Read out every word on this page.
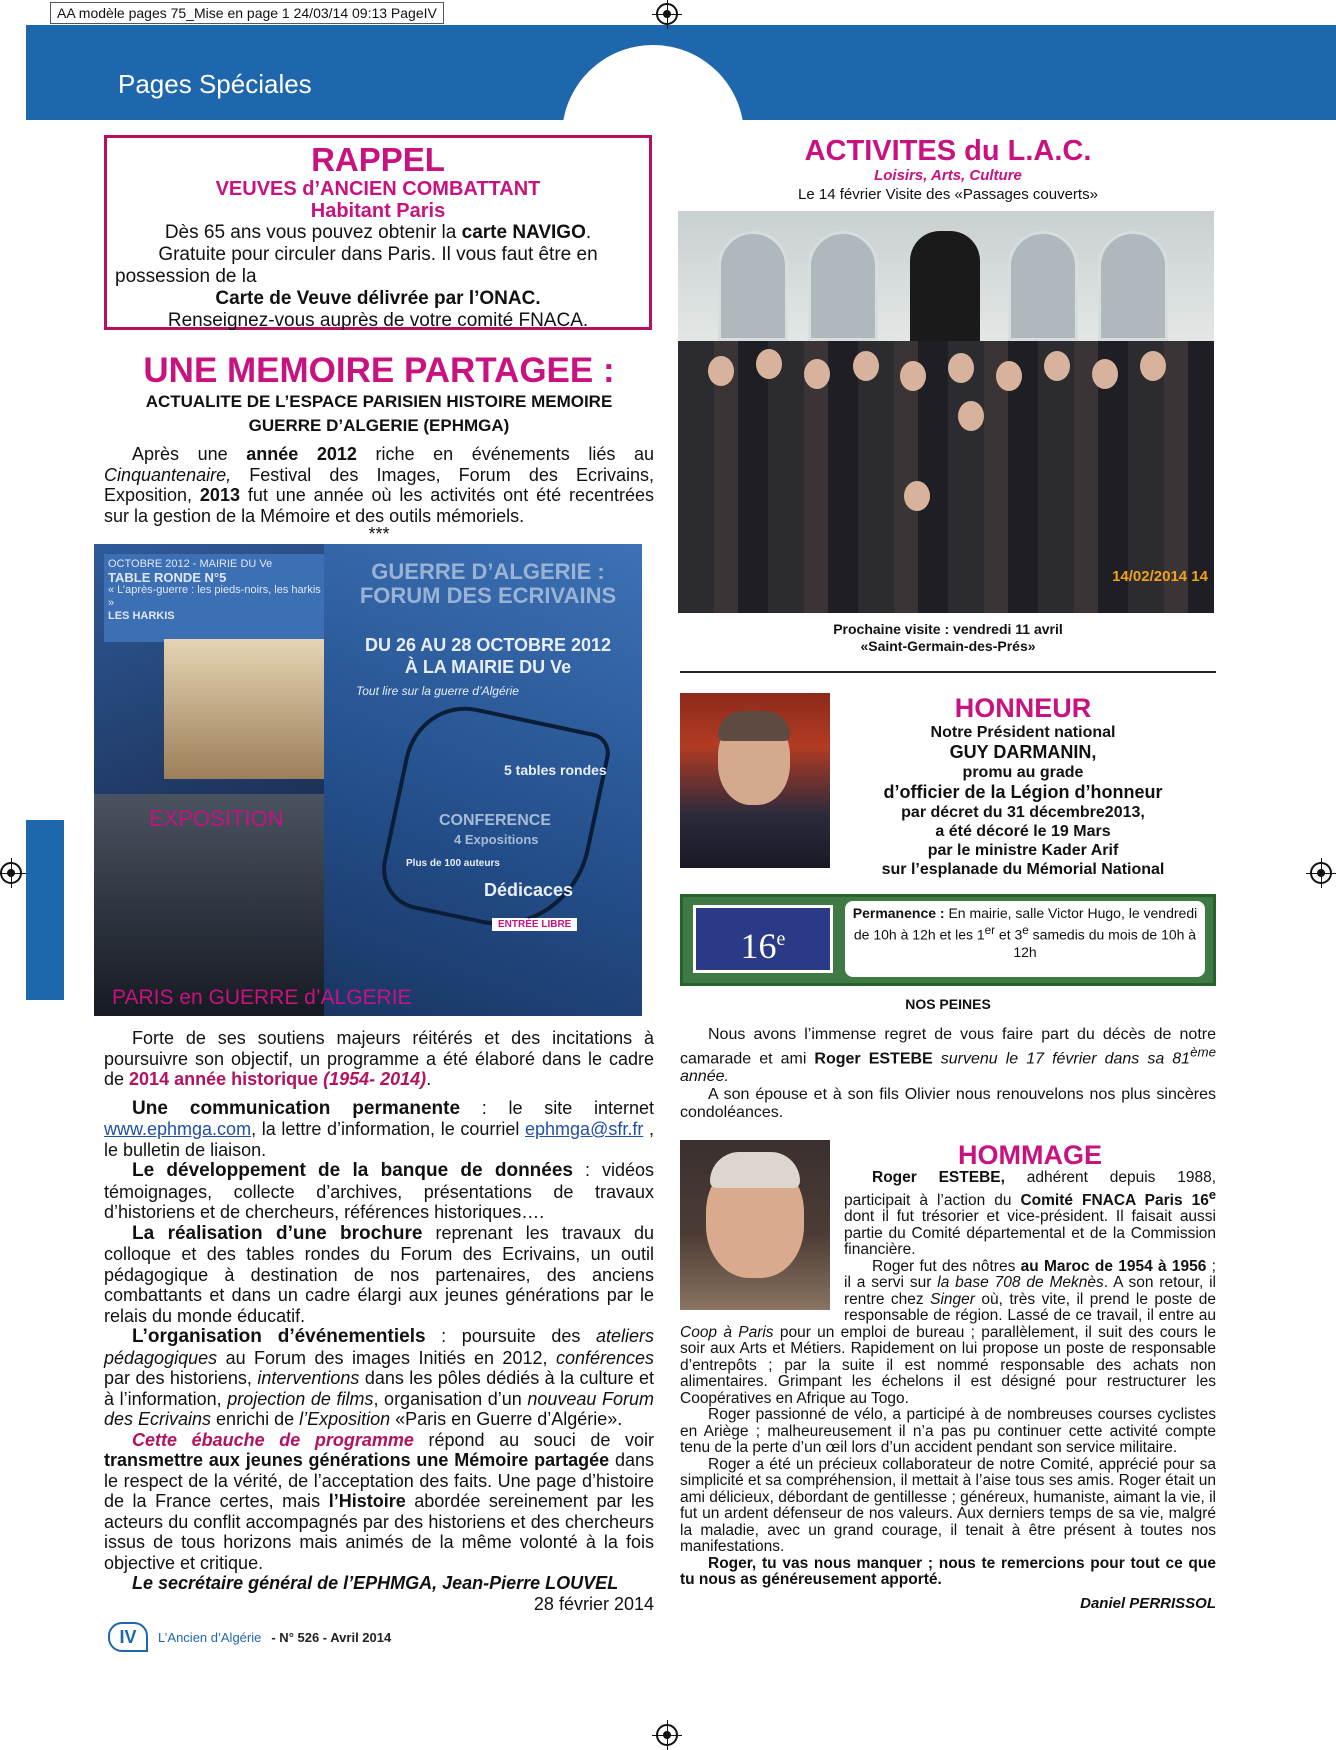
AA modèle pages 75_Mise en page 1 24/03/14 09:13 PageIV
Pages Spéciales
RAPPEL
VEUVES d’ANCIEN COMBATTANT
Habitant Paris
Dès 65 ans vous pouvez obtenir la carte NAVIGO.
Gratuite pour circuler dans Paris. Il vous faut être en
possession de la
Carte de Veuve délivrée par l’ONAC.
Renseignez-vous auprès de votre comité FNACA.
UNE MEMOIRE PARTAGEE :
ACTUALITE DE L’ESPACE PARISIEN HISTOIRE MEMOIRE
GUERRE D’ALGERIE (EPHMGA)

Après une année 2012 riche en événements liés au Cinquantenaire, Festival des Images, Forum des Ecrivains, Exposition, 2013 fut une année où les activités ont été recentrées sur la gestion de la Mémoire et des outils mémoriels.

***
OCTOBRE 2012 - MAIRIE DU Ve
TABLE RONDE N°5
« L’après-guerre : les pieds-noirs, les harkis »
LES HARKIS
GUERRE D’ALGERIE : FORUM DES ECRIVAINS
DU 26 AU 28 OCTOBRE 2012
À LA MAIRIE DU Ve
Tout lire sur la guerre d’Algérie
5 tables rondes
CONFERENCE
4 Expositions
Plus de 100 auteurs
Dédicaces
ENTRÉE LIBRE
EXPOSITION
PARIS en GUERRE d’ALGERIE

Forte de ses soutiens majeurs réitérés et des incitations à poursuivre son objectif, un programme a été élaboré dans le cadre de 2014 année historique (1954- 2014).

Une communication permanente : le site internet www.ephmga.com, la lettre d’information, le courriel ephmga@sfr.fr , le bulletin de liaison.

Le développement de la banque de données : vidéos témoignages, collecte d’archives, présentations de travaux d’historiens et de chercheurs, références historiques….

La réalisation d’une brochure reprenant les travaux du colloque et des tables rondes du Forum des Ecrivains, un outil pédagogique à destination de nos partenaires, des anciens combattants et dans un cadre élargi aux jeunes générations par le relais du monde éducatif.

L’organisation d’événementiels : poursuite des ateliers pédagogiques au Forum des images Initiés en 2012, conférences par des historiens, interventions dans les pôles dédiés à la culture et à l’information, projection de films, organisation d’un nouveau Forum des Ecrivains enrichi de l’Exposition «Paris en Guerre d’Algérie».

Cette ébauche de programme répond au souci de voir transmettre aux jeunes générations une Mémoire partagée dans le respect de la vérité, de l’acceptation des faits. Une page d’histoire de la France certes, mais l’Histoire abordée sereinement par les acteurs du conflit accompagnés par des historiens et des chercheurs issus de tous horizons mais animés de la même volonté à la fois objective et critique.

Le secrétaire général de l’EPHMGA, Jean-Pierre LOUVEL
28 février 2014
ACTIVITES du L.A.C.
Loisirs, Arts, Culture
Le 14 février Visite des «Passages couverts»
14/02/2014 14
Prochaine visite : vendredi 11 avril
«Saint-Germain-des-Prés»
HONNEUR
Notre Président national
GUY DARMANIN,
promu au grade
d’officier de la Légion d’honneur
par décret du 31 décembre2013,
a été décoré le 19 Mars
par le ministre Kader Arif
sur l’esplanade du Mémorial National
16e
Permanence : En mairie, salle Victor Hugo, le vendredi de 10h à 12h et les 1er et 3e samedis du mois de 10h à 12h
NOS PEINES

Nous avons l’immense regret de vous faire part du décès de notre camarade et ami Roger ESTEBE survenu le 17 février dans sa 81ème année.

A son épouse et à son fils Olivier nous renouvelons nos plus sincères condoléances.

HOMMAGE

Roger ESTEBE, adhérent depuis 1988, participait à l’action du Comité FNACA Paris 16e dont il fut trésorier et vice-président. Il faisait aussi partie du Comité départemental et de la Commission financière.

Roger fut des nôtres au Maroc de 1954 à 1956 ; il a servi sur la base 708 de Meknès. A son retour, il rentre chez Singer où, très vite, il prend le poste de responsable de région. Lassé de ce travail, il entre au Coop à Paris pour un emploi de bureau ; parallèlement, il suit des cours le soir aux Arts et Métiers. Rapidement on lui propose un poste de responsable d’entrepôts ; par la suite il est nommé responsable des achats non alimentaires. Grimpant les échelons il est désigné pour restructurer les Coopératives en Afrique au Togo.

Roger passionné de vélo, a participé à de nombreuses courses cyclistes en Ariège ; malheureusement il n’a pas pu continuer cette activité compte tenu de la perte d’un œil lors d’un accident pendant son service militaire.

Roger a été un précieux collaborateur de notre Comité, apprécié pour sa simplicité et sa compréhension, il mettait à l’aise tous ses amis. Roger était un ami délicieux, débordant de gentillesse ; généreux, humaniste, aimant la vie, il fut un ardent défenseur de nos valeurs. Aux derniers temps de sa vie, malgré la maladie, avec un grand courage, il tenait à être présent à toutes nos manifestations.

Roger, tu vas nous manquer ; nous te remercions pour tout ce que tu nous as généreusement apporté.

Daniel PERRISSOL
IV	L’Ancien d’Algérie - N° 526 - Avril 2014
